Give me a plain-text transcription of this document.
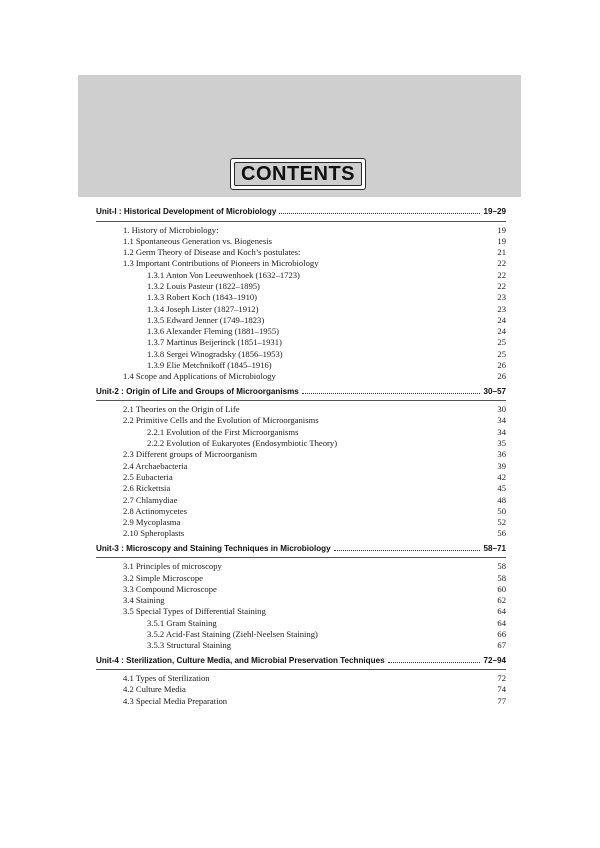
CONTENTS
Unit-I : Historical Development of Microbiology	19–29
1. History of Microbiology:	19
1.1 Spontaneous Generation vs. Biogenesis	19
1.2 Germ Theory of Disease and Koch’s postulates:	21
1.3 Important Contributions of Pioneers in Microbiology	22
1.3.1 Anton Von Leeuwenhoek (1632–1723)	22
1.3.2 Louis Pasteur (1822–1895)	22
1.3.3 Robert Koch (1843–1910)	23
1.3.4 Joseph Lister (1827–1912)	23
1.3.5 Edward Jenner (1749–1823)	24
1.3.6 Alexander Fleming (1881–1955)	24
1.3.7 Martinus Beijerinck (1851–1931)	25
1.3.8 Sergei Winogradsky (1856–1953)	25
1.3.9 Elie Metchnikoff (1845–1916)	26
1.4 Scope and Applications of Microbiology	26
Unit-2 : Origin of Life and Groups of Microorganisms	30–57
2.1 Theories on the Origin of Life	30
2.2 Primitive Cells and the Evolution of Microorganisms	34
2.2.1 Evolution of the First Microorganisms	34
2.2.2 Evolution of Eukaryotes (Endosymbiotic Theory)	35
2.3 Different groups of Microorganism	36
2.4 Archaebacteria	39
2.5 Eubacteria	42
2.6 Rickettsia	45
2.7 Chlamydiae	48
2.8 Actinomycetes	50
2.9 Mycoplasma	52
2.10 Spheroplasts	56
Unit-3 : Microscopy and Staining Techniques in Microbiology	58–71
3.1 Principles of microscopy	58
3.2 Simple Microscope	58
3.3 Compound Microscope	60
3.4 Staining	62
3.5 Special Types of Differential Staining	64
3.5.1 Gram Staining	64
3.5.2 Acid-Fast Staining (Ziehl-Neelsen Staining)	66
3.5.3 Structural Staining	67
Unit-4 : Sterilization, Culture Media, and Microbial Preservation Techniques	72–94
4.1 Types of Sterilization	72
4.2 Culture Media	74
4.3 Special Media Preparation	77
